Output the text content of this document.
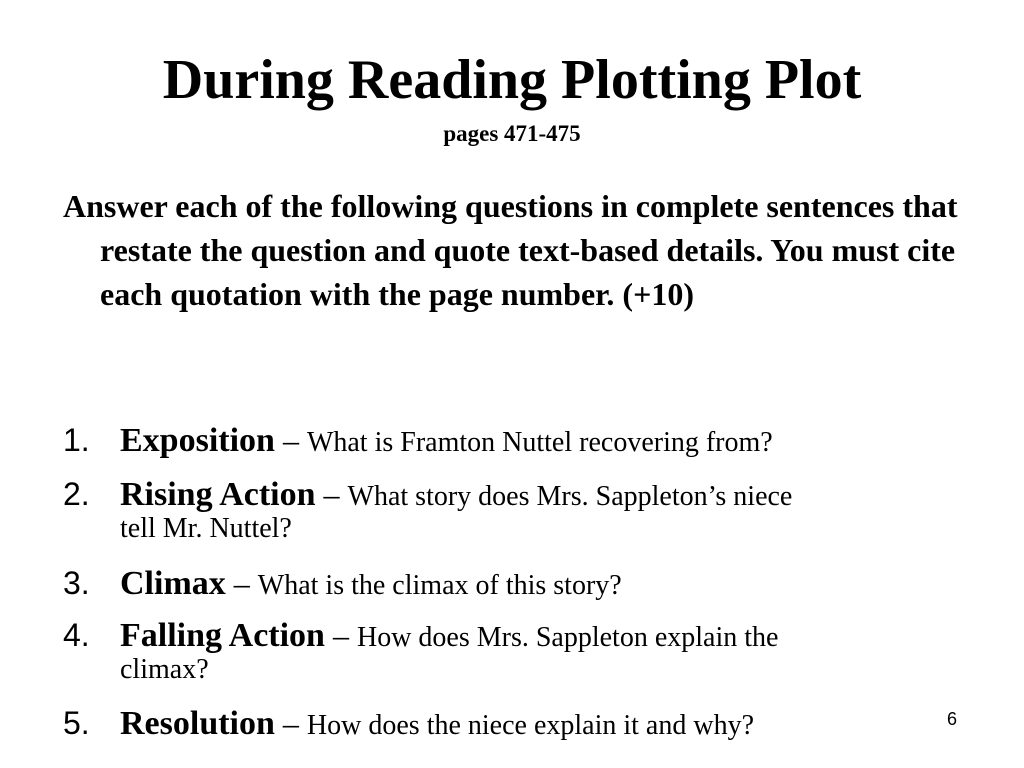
During Reading Plotting Plot
pages 471-475
Answer each of the following questions in complete sentences that restate the question and quote text-based details. You must cite each quotation with the page number. (+10)
1. Exposition – What is Framton Nuttel recovering from?
2. Rising Action – What story does Mrs. Sappleton’s niece
tell Mr. Nuttel?
3. Climax – What is the climax of this story?
4. Falling Action – How does Mrs. Sappleton explain the
climax?
5. Resolution – How does the niece explain it and why?	6
